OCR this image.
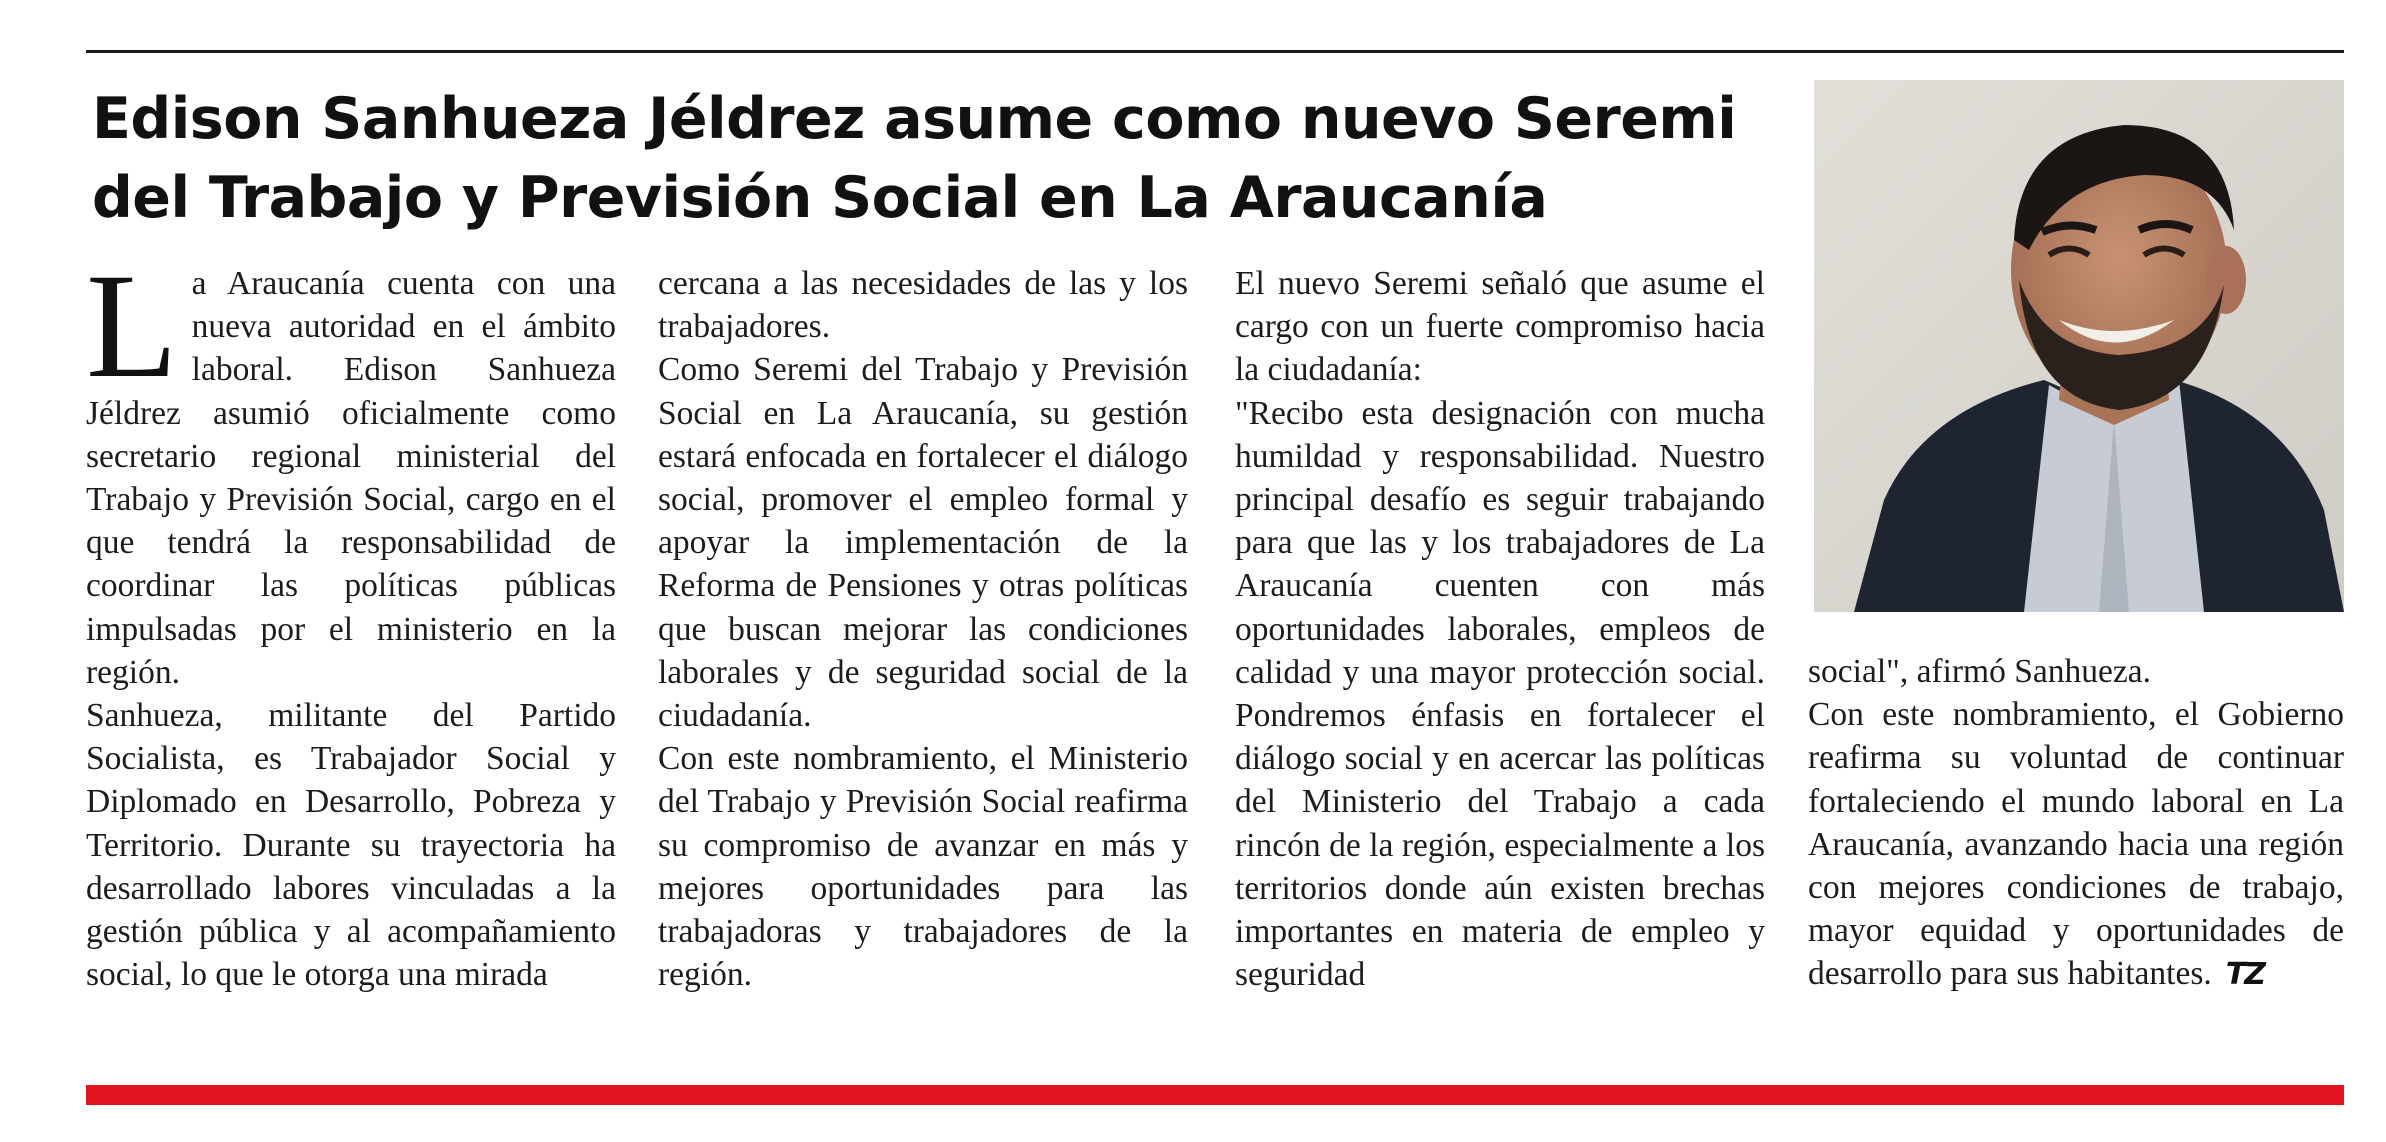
Edison Sanhueza Jéldrez asume como nuevo Seremi del Trabajo y Previsión Social en La Araucanía
L a Araucanía cuenta con una nueva autoridad en el ámbito laboral. Edison Sanhueza Jéldrez asumió oficialmente como secretario regional ministerial del Trabajo y Previsión Social, cargo en el que tendrá la responsabilidad de coordinar las políticas públicas impulsadas por el ministerio en la región.

Sanhueza, militante del Partido Socialista, es Trabajador Social y Diplomado en Desarrollo, Pobreza y Territorio. Durante su trayectoria ha desarrollado labores vinculadas a la gestión pública y al acompañamiento social, lo que le otorga una mirada

cercana a las necesidades de las y los trabajadores.

Como Seremi del Trabajo y Previsión Social en La Araucanía, su gestión estará enfocada en fortalecer el diálogo social, promover el empleo formal y apoyar la implementación de la Reforma de Pensiones y otras políticas que buscan mejorar las condiciones laborales y de seguridad social de la ciudadanía.

Con este nombramiento, el Ministerio del Trabajo y Previsión Social reafirma su compromiso de avanzar en más y mejores oportunidades para las trabajadoras y trabajadores de la región.

El nuevo Seremi señaló que asume el cargo con un fuerte compromiso hacia la ciudadanía:

"Recibo esta designación con mucha humildad y responsabilidad. Nuestro principal desafío es seguir trabajando para que las y los trabajadores de La Araucanía cuenten con más oportunidades laborales, empleos de calidad y una mayor protección social. Pondremos énfasis en fortalecer el diálogo social y en acercar las políticas del Ministerio del Trabajo a cada rincón de la región, especialmente a los territorios donde aún existen brechas importantes en materia de empleo y seguridad

social", afirmó Sanhueza.

Con este nombramiento, el Gobierno reafirma su voluntad de continuar fortaleciendo el mundo laboral en La Araucanía, avanzando hacia una región con mejores condiciones de trabajo, mayor equidad y oportunidades de desarrollo para sus habitantes. TZ
